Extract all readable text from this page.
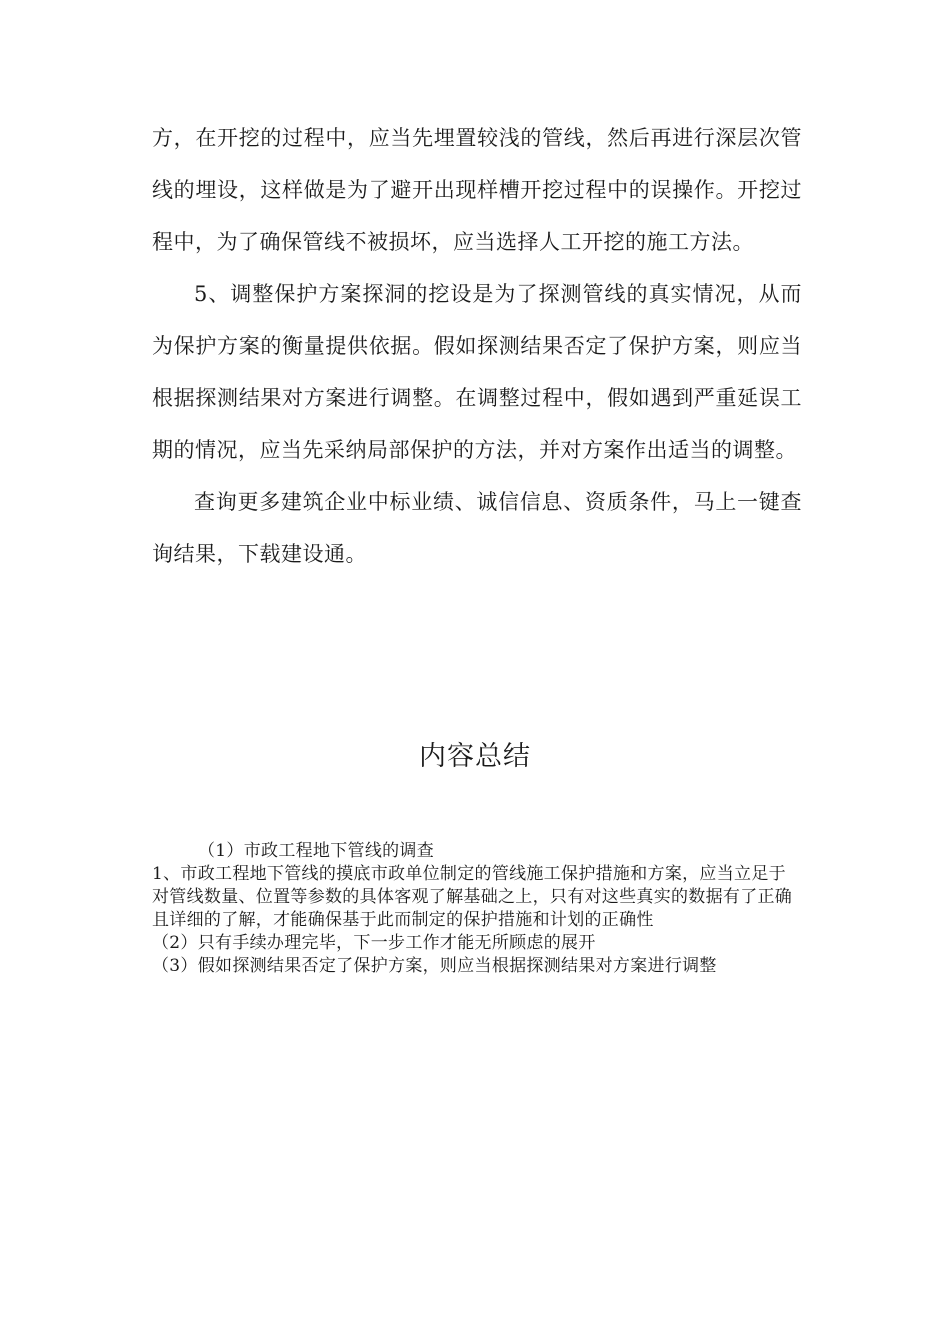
方，在开挖的过程中，应当先埋置较浅的管线，然后再进行深层次管线的埋设，这样做是为了避开出现样槽开挖过程中的误操作。开挖过程中，为了确保管线不被损坏，应当选择人工开挖的施工方法。

5、调整保护方案探洞的挖设是为了探测管线的真实情况，从而为保护方案的衡量提供依据。假如探测结果否定了保护方案，则应当根据探测结果对方案进行调整。在调整过程中，假如遇到严重延误工期的情况，应当先采纳局部保护的方法，并对方案作出适当的调整。

查询更多建筑企业中标业绩、诚信信息、资质条件，马上一键查询结果，下载建设通。

内容总结

（1）市政工程地下管线的调查

1、市政工程地下管线的摸底市政单位制定的管线施工保护措施和方案，应当立足于对管线数量、位置等参数的具体客观了解基础之上，只有对这些真实的数据有了正确且详细的了解，才能确保基于此而制定的保护措施和计划的正确性

（2）只有手续办理完毕，下一步工作才能无所顾虑的展开

（3）假如探测结果否定了保护方案，则应当根据探测结果对方案进行调整
